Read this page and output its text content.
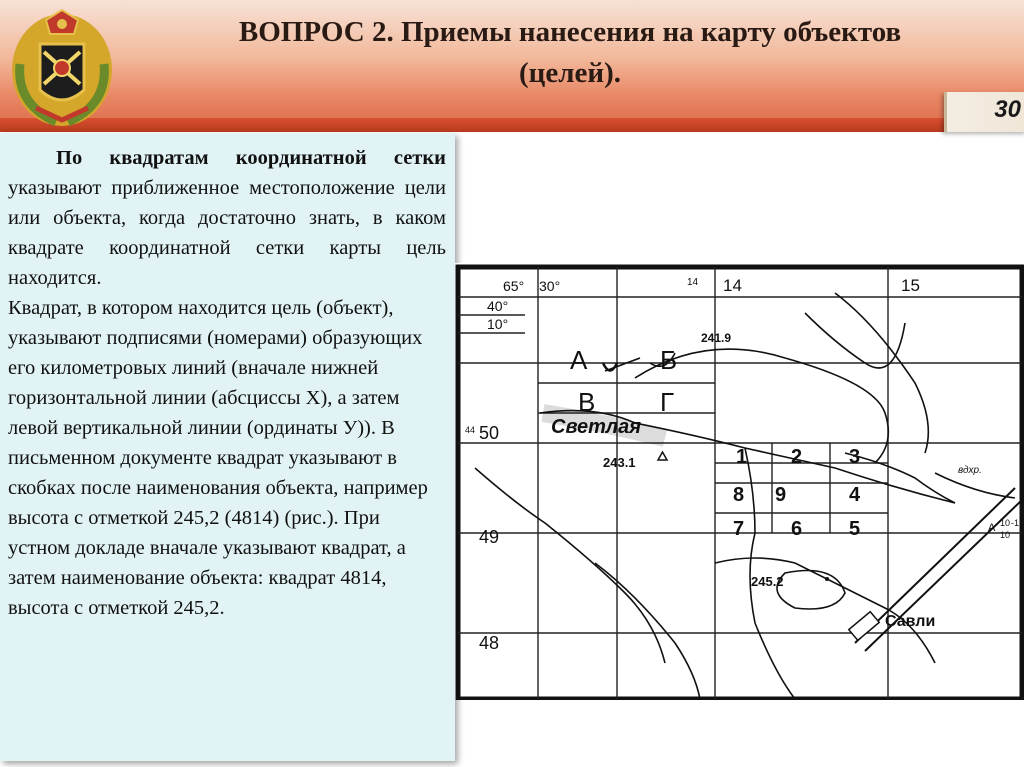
ВОПРОС 2. Приемы нанесения на карту объектов
(целей).
30

По квадратам координатной сетки указывают приближенное местоположение цели или объекта, когда достаточно знать, в каком квадрате координатной сетки карты цель находится.

Квадрат, в котором находится цель (объект), указывают подписями (номерами) образующих его километровых линий (вначале нижней горизонтальной линии (абсциссы X), а затем левой вертикальной линии (ординаты У)). В письменном документе квадрат указывают в скобках после наименования объекта, например высота с отметкой 245,2 (4814) (рис.). При устном докладе вначале указывают квадрат, а затем наименование объекта: квадрат 4814, высота с отметкой 245,2.

65° 30°
40°
10°
14 14	15
44 50
49
48
241.9
243.1
245.2
А	Б
В Г
Светлая
Савли
вдхр.
А 10
10
-1
1 2 3
4
5
6
7
8 9
